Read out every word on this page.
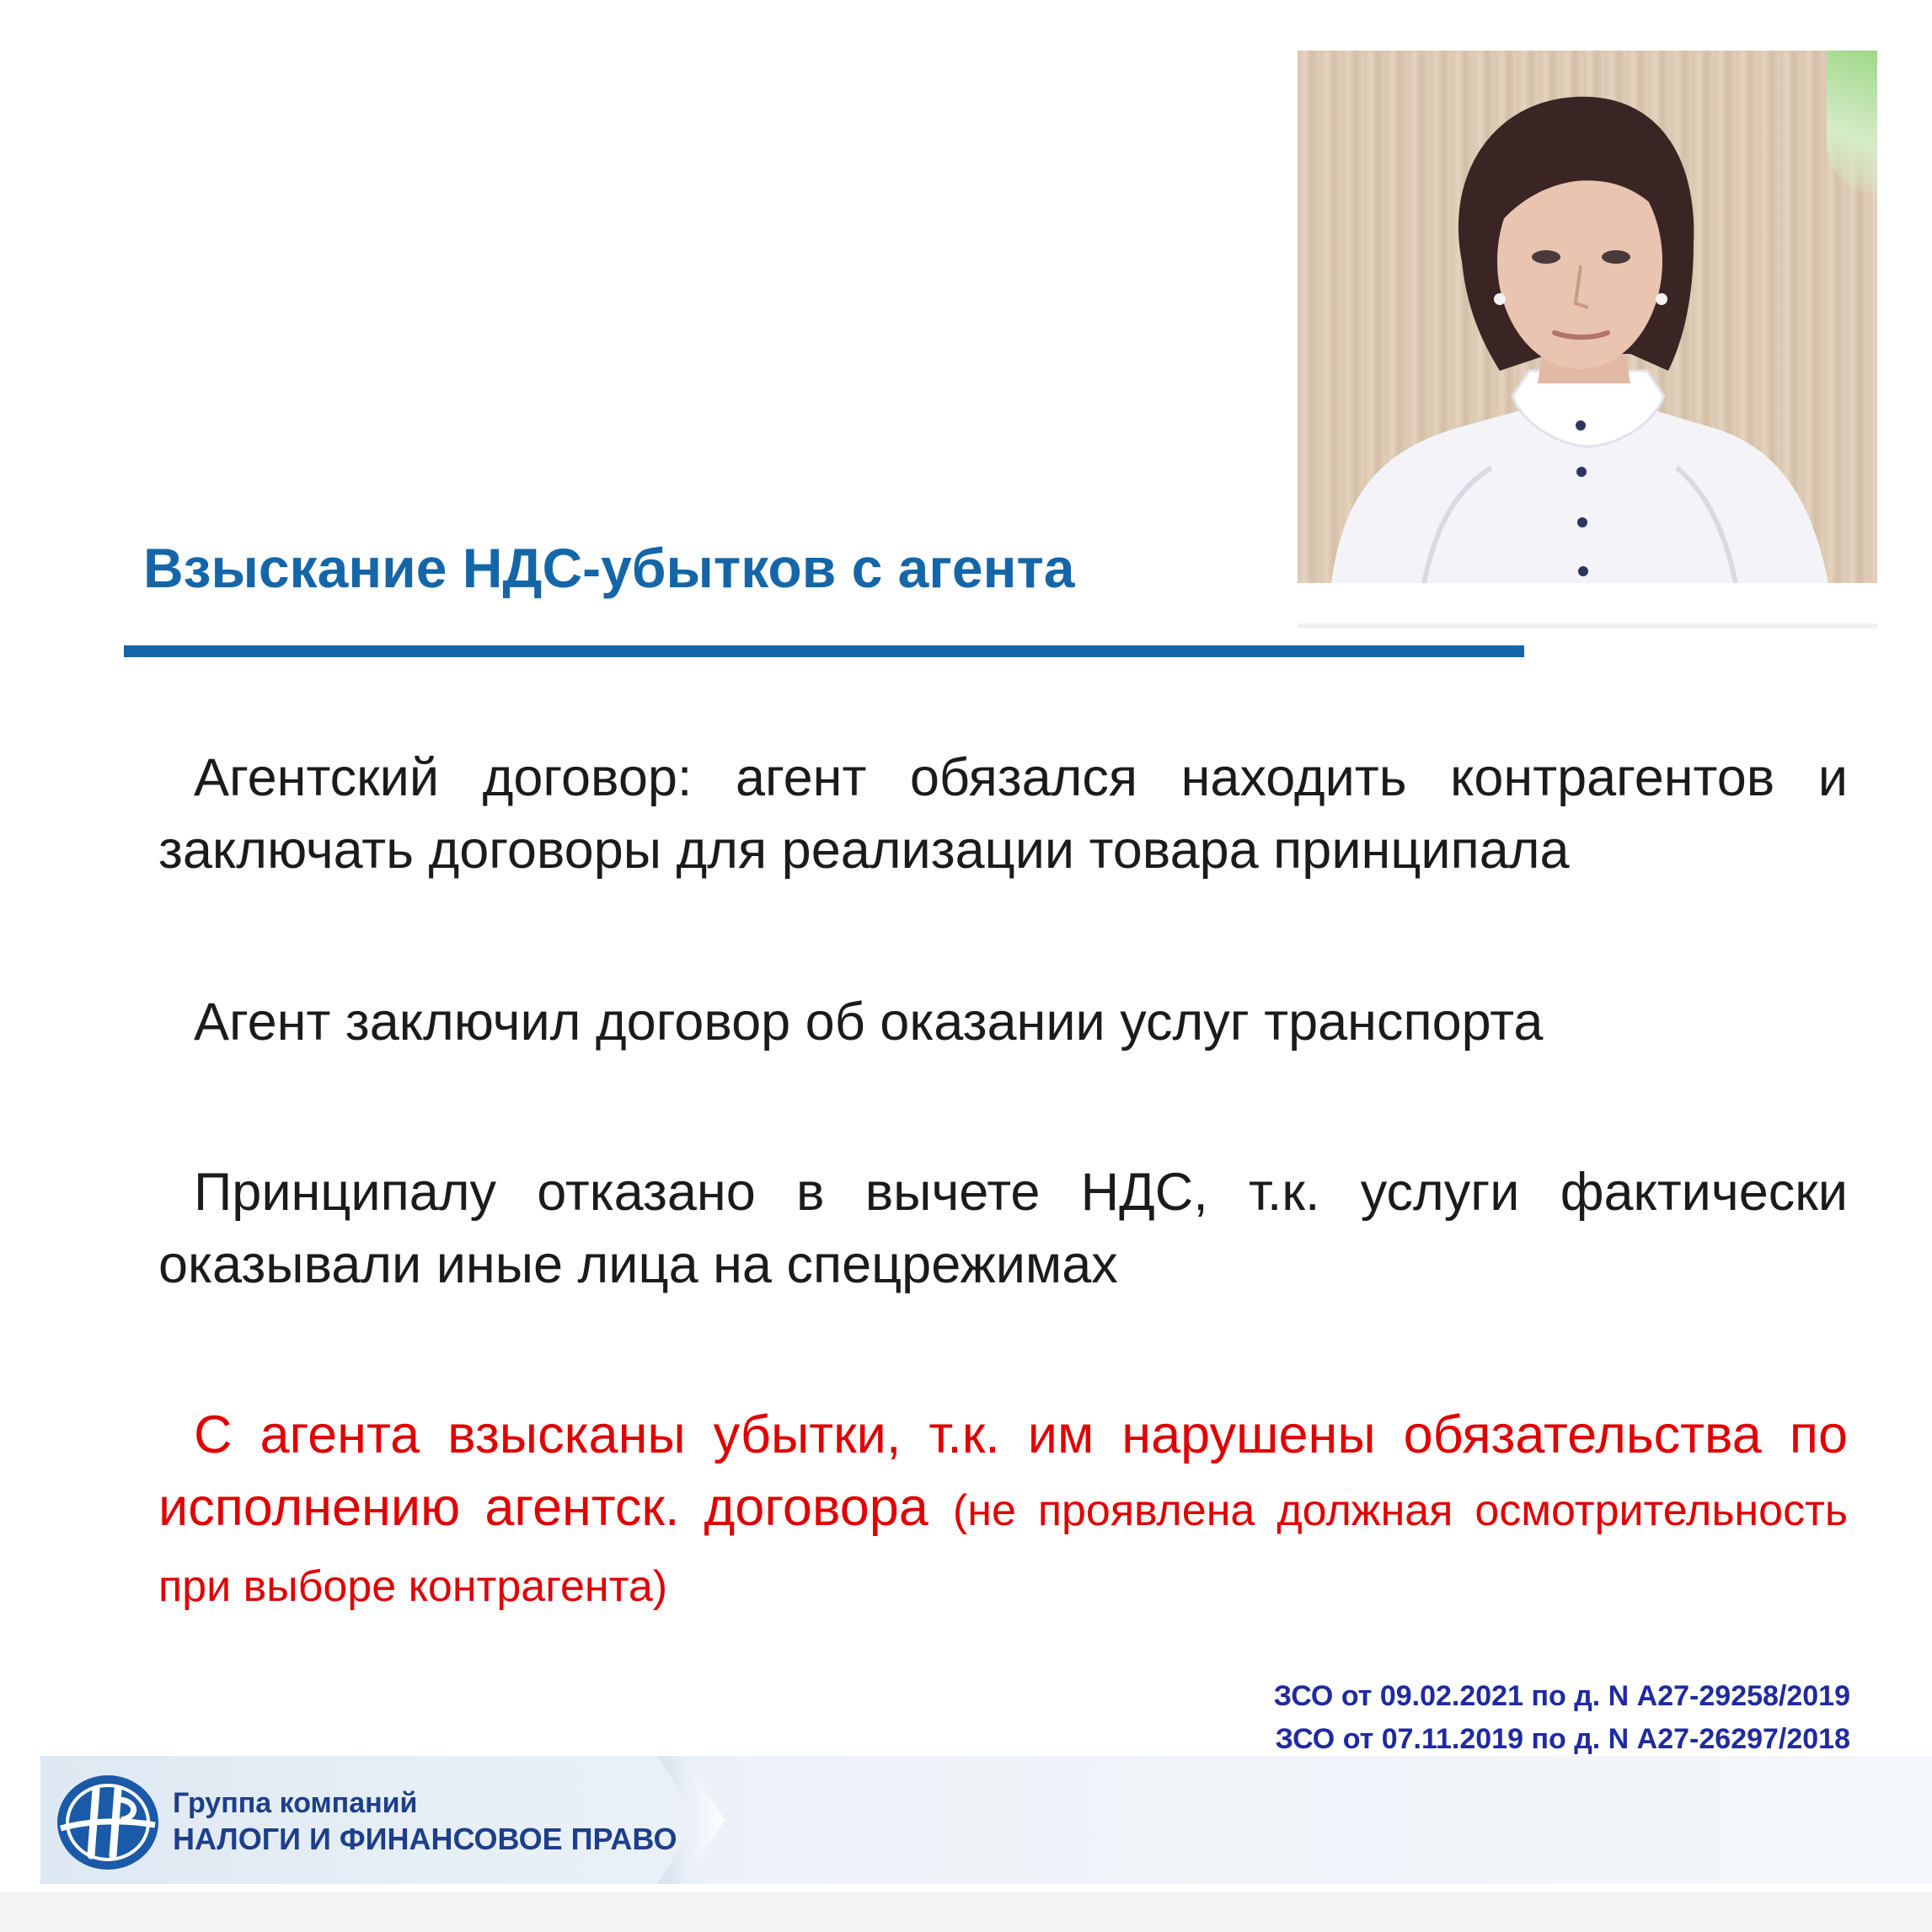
Взыскание НДС-убытков с агента

Агентский договор: агент обязался находить контрагентов и заключать договоры для реализации товара принципала

Агент заключил договор об оказании услуг транспорта

Принципалу отказано в вычете НДС, т.к. услуги фактически оказывали иные лица на спецрежимах

С агента взысканы убытки, т.к. им нарушены обязательства по исполнению агентск. договора (не проявлена должная осмотрительность при выборе контрагента)

ЗСО от 09.02.2021 по д. N А27-29258/2019
ЗСО от 07.11.2019 по д. N А27-26297/2018
Группа компаний
НАЛОГИ И ФИНАНСОВОЕ ПРАВО
